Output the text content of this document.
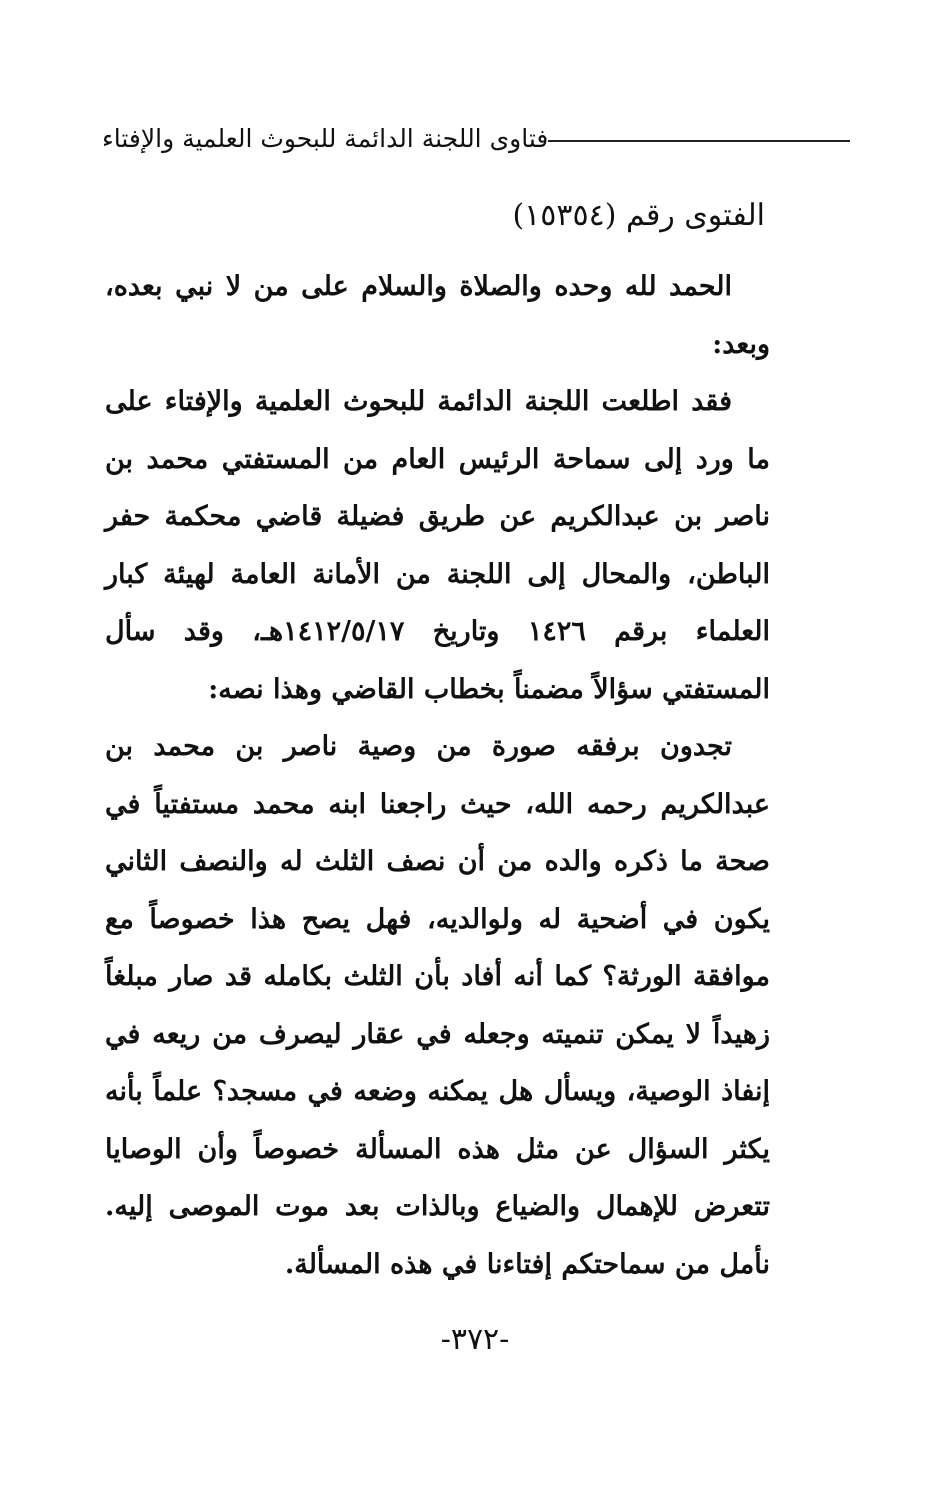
فتاوى اللجنة الدائمة للبحوث العلمية والإفتاء
الفتوى رقم (١٥٣٥٤)

الحمد لله وحده والصلاة والسلام على من لا نبي بعده، وبعد:

فقد اطلعت اللجنة الدائمة للبحوث العلمية والإفتاء على ما ورد إلى سماحة الرئيس العام من المستفتي محمد بن ناصر بن عبدالكريم عن طريق فضيلة قاضي محكمة حفر الباطن، والمحال إلى اللجنة من الأمانة العامة لهيئة كبار العلماء برقم ١٤٢٦ وتاريخ ١٤١٢/٥/١٧هـ، وقد سأل المستفتي سؤالاً مضمناً بخطاب القاضي وهذا نصه:

تجدون برفقه صورة من وصية ناصر بن محمد بن عبدالكريم رحمه الله، حيث راجعنا ابنه محمد مستفتياً في صحة ما ذكره والده من أن نصف الثلث له والنصف الثاني يكون في أضحية له ولوالديه، فهل يصح هذا خصوصاً مع موافقة الورثة؟ كما أنه أفاد بأن الثلث بكامله قد صار مبلغاً زهيداً لا يمكن تنميته وجعله في عقار ليصرف من ريعه في إنفاذ الوصية، ويسأل هل يمكنه وضعه في مسجد؟ علماً بأنه يكثر السؤال عن مثل هذه المسألة خصوصاً وأن الوصايا تتعرض للإهمال والضياع وبالذات بعد موت الموصى إليه. نأمل من سماحتكم إفتاءنا في هذه المسألة.

-٣٧٢-
